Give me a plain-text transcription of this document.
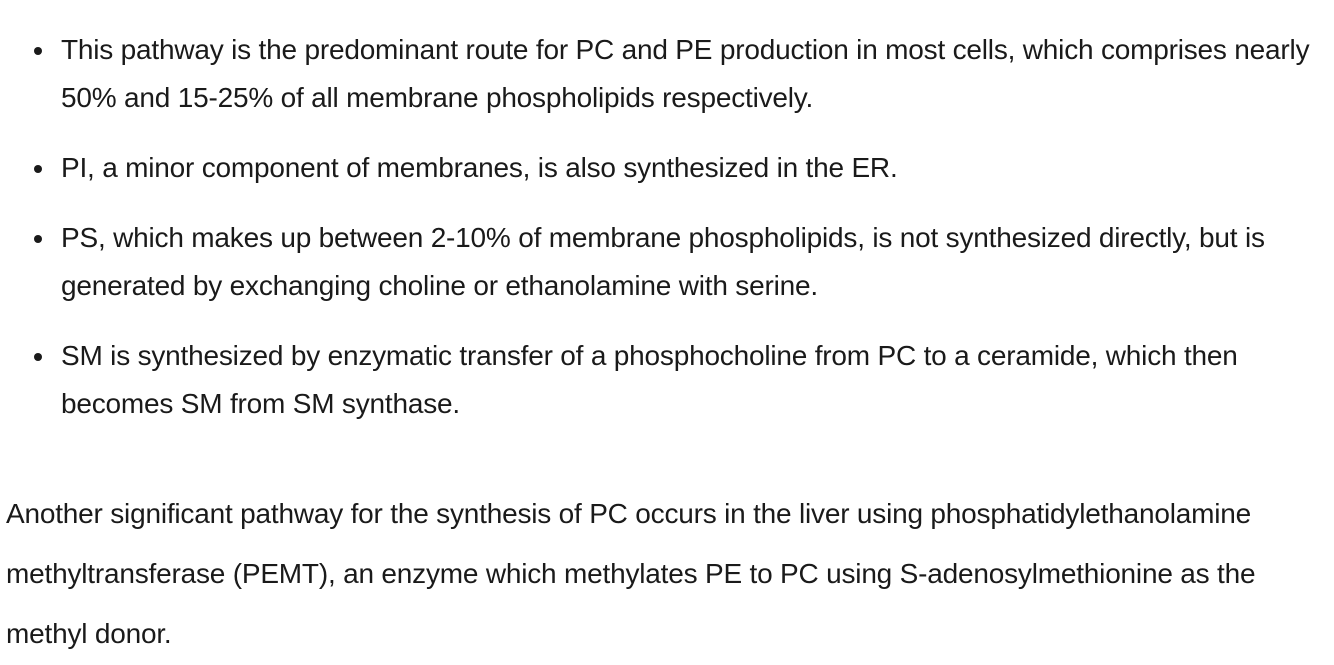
This pathway is the predominant route for PC and PE production in most cells, which comprises nearly 50% and 15-25% of all membrane phospholipids respectively.
PI, a minor component of membranes, is also synthesized in the ER.
PS, which makes up between 2-10% of membrane phospholipids, is not synthesized directly, but is generated by exchanging choline or ethanolamine with serine.
SM is synthesized by enzymatic transfer of a phosphocholine from PC to a ceramide, which then becomes SM from SM synthase.

Another significant pathway for the synthesis of PC occurs in the liver using phosphatidylethanolamine methyltransferase (PEMT), an enzyme which methylates PE to PC using S-adenosylmethionine as the methyl donor.
